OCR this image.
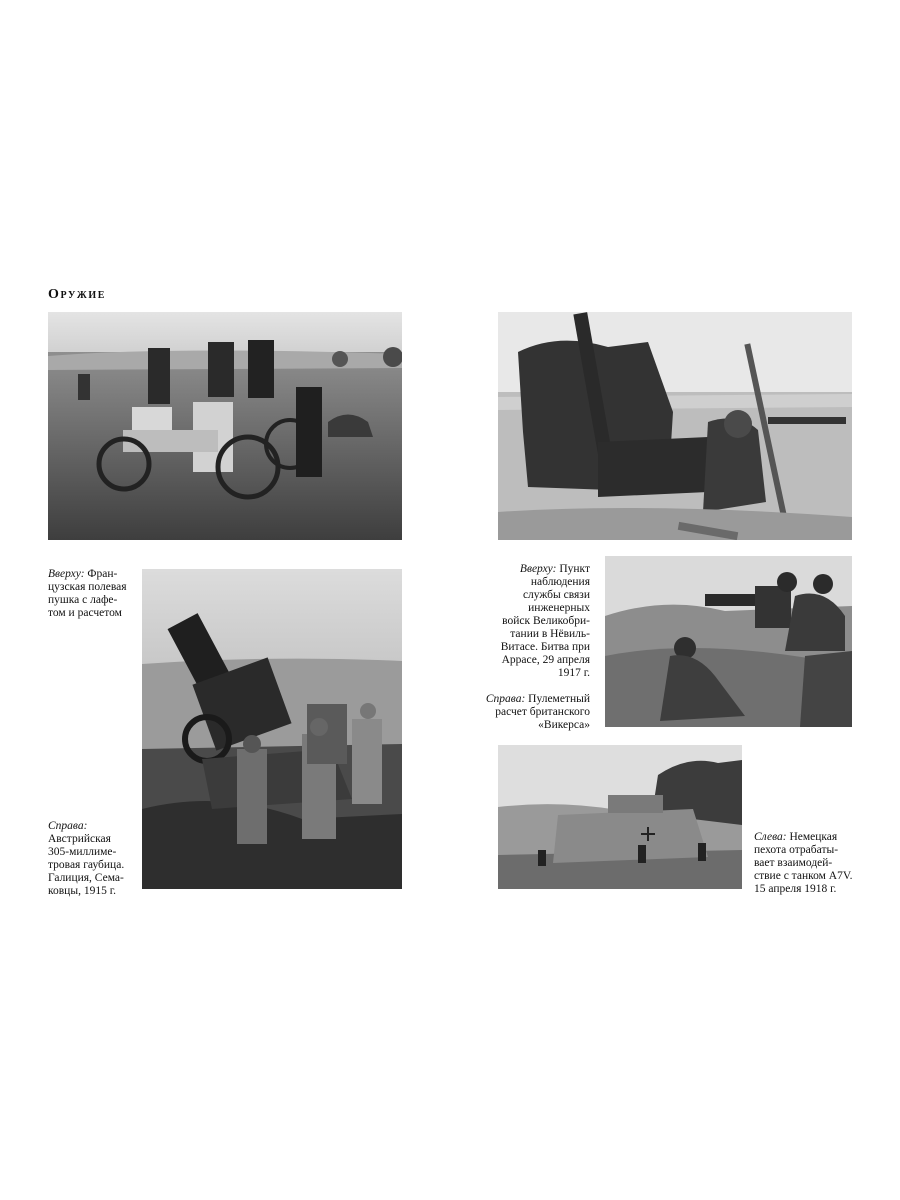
Оружие
Вверху: Фран-
цузская полевая
пушка с лафе-
том и расчетом
Вверху: Пункт
наблюдения
службы связи
инженерных
войск Великобри-
тании в Нёвиль-
Витасе. Битва при
Аррасе, 29 апреля
1917 г.
Справа: Пулеметный
расчет британского
«Викерса»
Справа:
Австрийская
305-миллиме-
тровая гаубица.
Галиция, Сема-
ковцы, 1915 г.
Слева: Немецкая
пехота отрабаты-
вает взаимодей-
ствие с танком A7V.
15 апреля 1918 г.
